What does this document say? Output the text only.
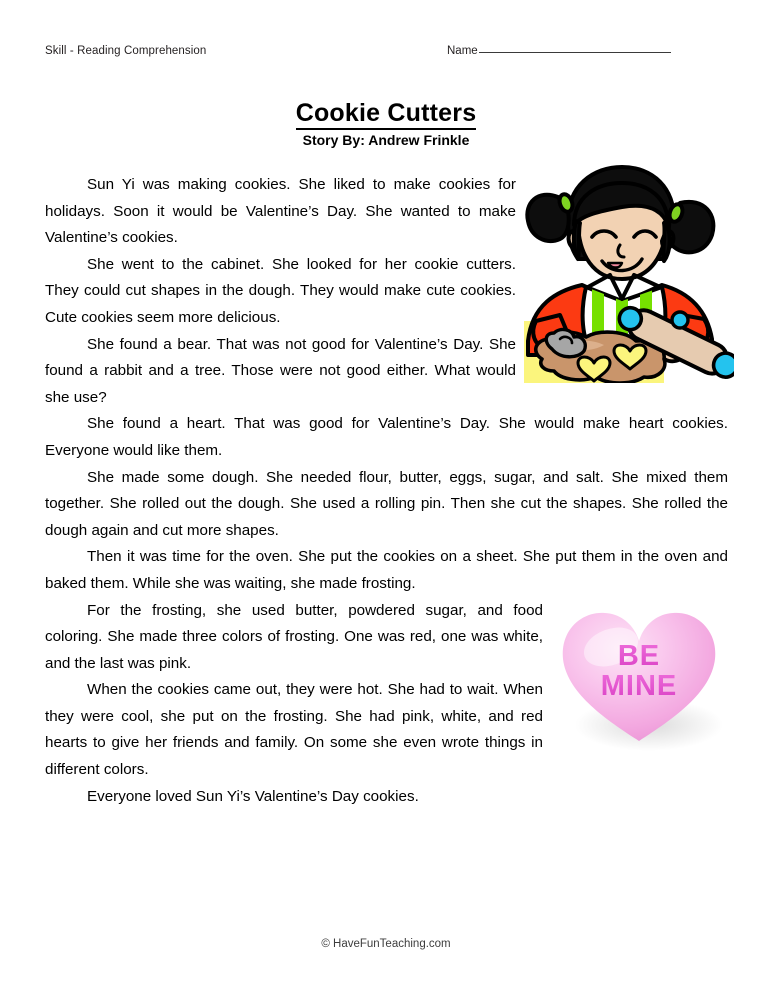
Skill - Reading Comprehension	Name
Cookie Cutters
Story By: Andrew Frinkle

Sun Yi was making cookies. She liked to make cookies for holidays. Soon it would be Valentine’s Day. She wanted to make Valentine’s cookies.

She went to the cabinet. She looked for her cookie cutters. They could cut shapes in the dough. They would make cute cookies. Cute cookies seem more delicious.

She found a bear. That was not good for Valentine’s Day. She found a rabbit and a tree. Those were not good either. What would she use?

She found a heart. That was good for Valentine’s Day. She would make heart cookies. Everyone would like them.

She made some dough. She needed flour, butter, eggs, sugar, and salt. She mixed them together. She rolled out the dough. She used a rolling pin. Then she cut the shapes. She rolled the dough again and cut more shapes.

Then it was time for the oven. She put the cookies on a sheet. She put them in the oven and baked them. While she was waiting, she made frosting.

For the frosting, she used butter, powdered sugar, and food coloring. She made three colors of frosting. One was red, one was white, and the last was pink.

When the cookies came out, they were hot. She had to wait. When they were cool, she put on the frosting. She had pink, white, and red hearts to give her friends and family. On some she even wrote things in different colors.

Everyone loved Sun Yi’s Valentine’s Day cookies.

BE
MINE
© HaveFunTeaching.com
